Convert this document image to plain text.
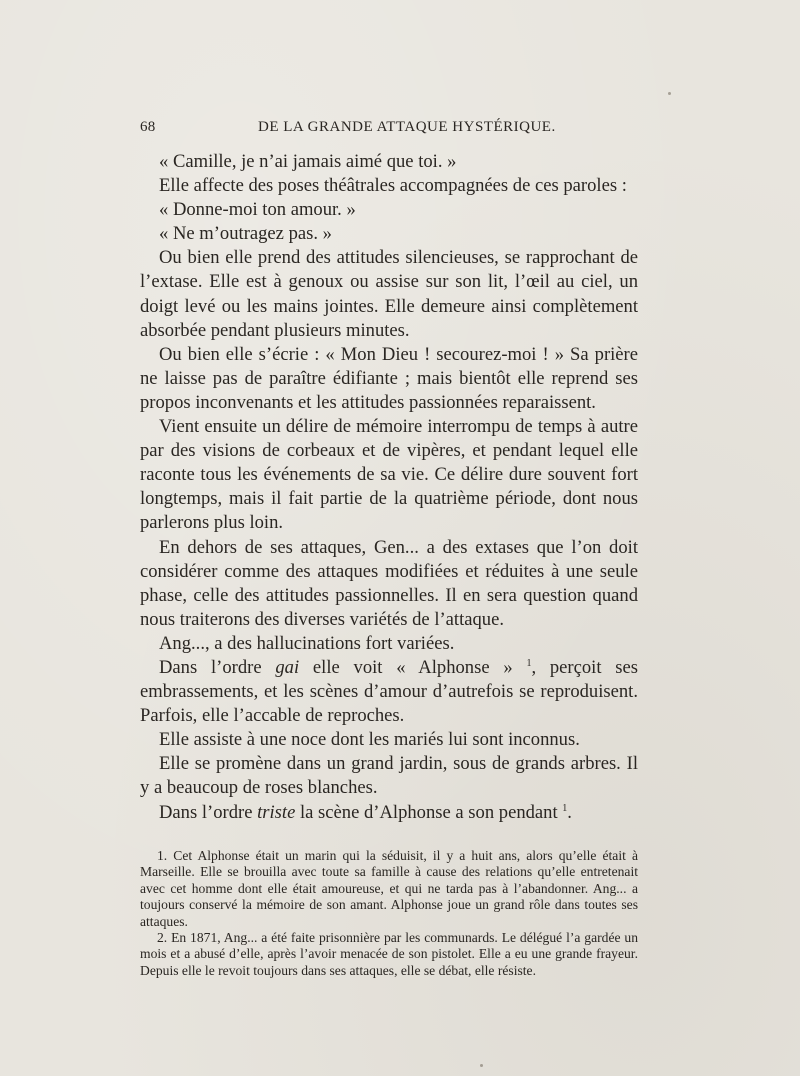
68	DE LA GRANDE ATTAQUE HYSTÉRIQUE.

« Camille, je n’ai jamais aimé que toi. »

Elle affecte des poses théâtrales accompagnées de ces paroles :

« Donne-moi ton amour. »

« Ne m’outragez pas. »

Ou bien elle prend des attitudes silencieuses, se rapprochant de l’extase. Elle est à genoux ou assise sur son lit, l’œil au ciel, un doigt levé ou les mains jointes. Elle demeure ainsi complètement absorbée pendant plusieurs minutes.

Ou bien elle s’écrie : « Mon Dieu ! secourez-moi ! » Sa prière ne laisse pas de paraître édifiante ; mais bientôt elle reprend ses propos inconvenants et les attitudes passionnées reparaissent.

Vient ensuite un délire de mémoire interrompu de temps à autre par des visions de corbeaux et de vipères, et pendant lequel elle raconte tous les événements de sa vie. Ce délire dure souvent fort longtemps, mais il fait partie de la quatrième période, dont nous parlerons plus loin.

En dehors de ses attaques, Gen... a des extases que l’on doit considérer comme des attaques modifiées et réduites à une seule phase, celle des attitudes passionnelles. Il en sera question quand nous traiterons des diverses variétés de l’attaque.

Ang..., a des hallucinations fort variées.

Dans l’ordre gai elle voit « Alphonse » $^1$, perçoit ses embrassements, et les scènes d’amour d’autrefois se reproduisent. Parfois, elle l’accable de reproches.

Elle assiste à une noce dont les mariés lui sont inconnus.

Elle se promène dans un grand jardin, sous de grands arbres. Il y a beaucoup de roses blanches.

Dans l’ordre triste la scène d’Alphonse a son pendant $^1$.

1. Cet Alphonse était un marin qui la séduisit, il y a huit ans, alors qu’elle était à Marseille. Elle se brouilla avec toute sa famille à cause des relations qu’elle entretenait avec cet homme dont elle était amoureuse, et qui ne tarda pas à l’abandonner. Ang... a toujours conservé la mémoire de son amant. Alphonse joue un grand rôle dans toutes ses attaques.

2. En 1871, Ang... a été faite prisonnière par les communards. Le délégué l’a gardée un mois et a abusé d’elle, après l’avoir menacée de son pistolet. Elle a eu une grande frayeur. Depuis elle le revoit toujours dans ses attaques, elle se débat, elle résiste.
